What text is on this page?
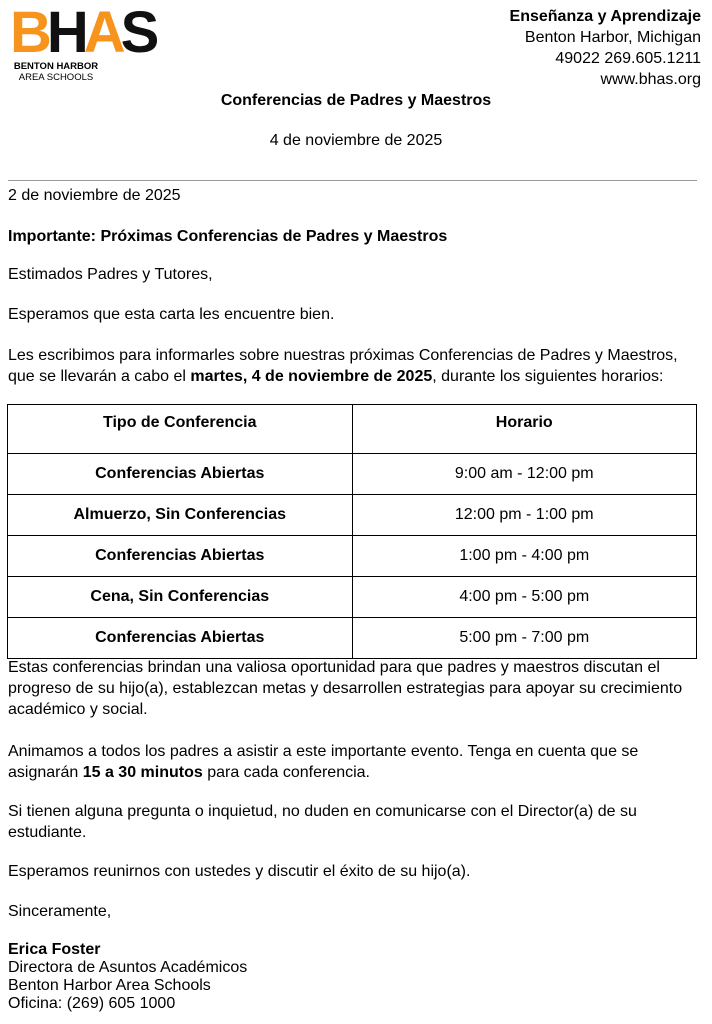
BHAS
BENTON HARBOR
AREA SCHOOLS
Enseñanza y Aprendizaje
Benton Harbor, Michigan
49022 269.605.1211
www.bhas.org
Conferencias de Padres y Maestros
4 de noviembre de 2025

2 de noviembre de 2025

Importante: Próximas Conferencias de Padres y Maestros

Estimados Padres y Tutores,

Esperamos que esta carta les encuentre bien.

Les escribimos para informarles sobre nuestras próximas Conferencias de Padres y Maestros, que se llevarán a cabo el martes, 4 de noviembre de 2025, durante los siguientes horarios:

Tipo de Conferencia	Horario
Conferencias Abiertas	9:00 am - 12:00 pm
Almuerzo, Sin Conferencias	12:00 pm - 1:00 pm
Conferencias Abiertas	1:00 pm - 4:00 pm
Cena, Sin Conferencias	4:00 pm - 5:00 pm
Conferencias Abiertas	5:00 pm - 7:00 pm

Estas conferencias brindan una valiosa oportunidad para que padres y maestros discutan el progreso de su hijo(a), establezcan metas y desarrollen estrategias para apoyar su crecimiento académico y social.

Animamos a todos los padres a asistir a este importante evento. Tenga en cuenta que se asignarán 15 a 30 minutos para cada conferencia.

Si tienen alguna pregunta o inquietud, no duden en comunicarse con el Director(a) de su estudiante.

Esperamos reunirnos con ustedes y discutir el éxito de su hijo(a).

Sinceramente,

Erica Foster
Directora de Asuntos Académicos
Benton Harbor Area Schools
Oficina: (269) 605 1000
